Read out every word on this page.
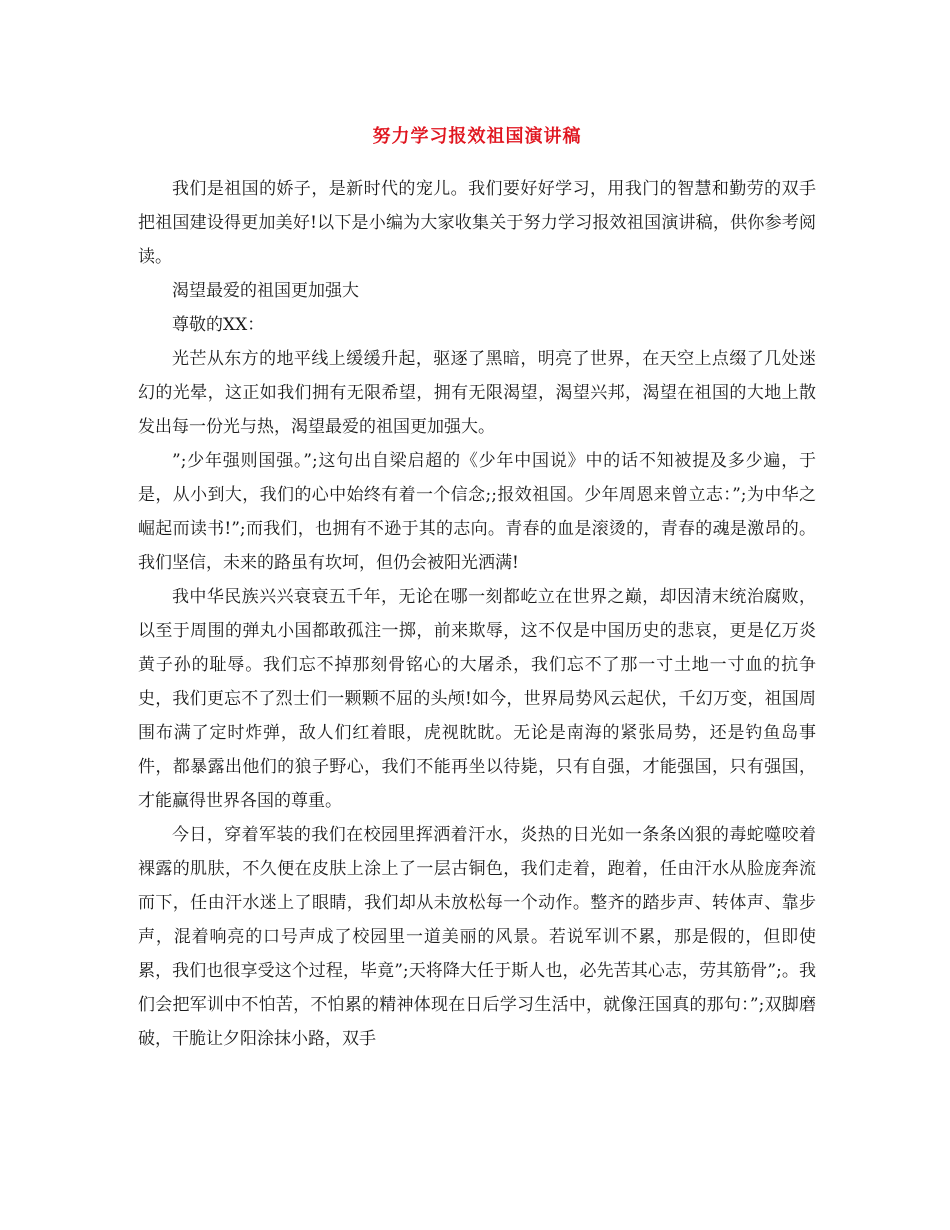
努力学习报效祖国演讲稿

我们是祖国的娇子，是新时代的宠儿。我们要好好学习，用我门的智慧和勤劳的双手把祖国建设得更加美好!以下是小编为大家收集关于努力学习报效祖国演讲稿，供你参考阅读。

渴望最爱的祖国更加强大

尊敬的XX：

光芒从东方的地平线上缓缓升起，驱逐了黑暗，明亮了世界，在天空上点缀了几处迷幻的光晕，这正如我们拥有无限希望，拥有无限渴望，渴望兴邦，渴望在祖国的大地上散发出每一份光与热，渴望最爱的祖国更加强大。

”;少年强则国强。”;这句出自梁启超的《少年中国说》中的话不知被提及多少遍，于是，从小到大，我们的心中始终有着一个信念;;报效祖国。少年周恩来曾立志：”;为中华之崛起而读书!”;而我们，也拥有不逊于其的志向。青春的血是滚烫的，青春的魂是激昂的。我们坚信，未来的路虽有坎坷，但仍会被阳光洒满!

我中华民族兴兴衰衰五千年，无论在哪一刻都屹立在世界之巅，却因清末统治腐败，以至于周围的弹丸小国都敢孤注一掷，前来欺辱，这不仅是中国历史的悲哀，更是亿万炎黄子孙的耻辱。我们忘不掉那刻骨铭心的大屠杀，我们忘不了那一寸土地一寸血的抗争史，我们更忘不了烈士们一颗颗不屈的头颅!如今，世界局势风云起伏，千幻万变，祖国周围布满了定时炸弹，敌人们红着眼，虎视眈眈。无论是南海的紧张局势，还是钓鱼岛事件，都暴露出他们的狼子野心，我们不能再坐以待毙，只有自强，才能强国，只有强国，才能赢得世界各国的尊重。

今日，穿着军装的我们在校园里挥洒着汗水，炎热的日光如一条条凶狠的毒蛇噬咬着裸露的肌肤，不久便在皮肤上涂上了一层古铜色，我们走着，跑着，任由汗水从脸庞奔流而下，任由汗水迷上了眼睛，我们却从未放松每一个动作。整齐的踏步声、转体声、靠步声，混着响亮的口号声成了校园里一道美丽的风景。若说军训不累，那是假的，但即使累，我们也很享受这个过程，毕竟”;天将降大任于斯人也，必先苦其心志，劳其筋骨”;。我们会把军训中不怕苦，不怕累的精神体现在日后学习生活中，就像汪国真的那句：”;双脚磨破，干脆让夕阳涂抹小路，双手
